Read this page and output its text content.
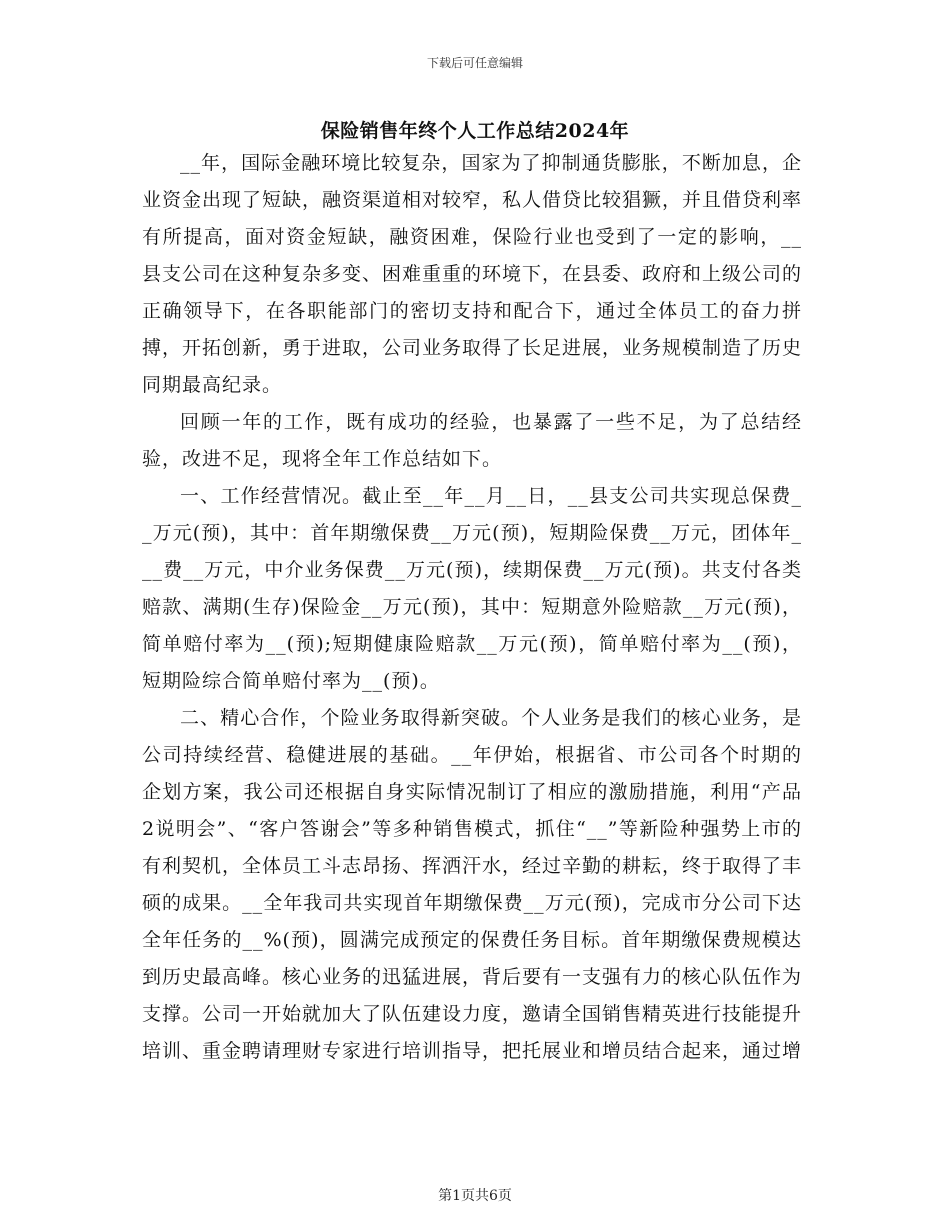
下载后可任意编辑
保险销售年终个人工作总结2024年

__年，国际金融环境比较复杂，国家为了抑制通货膨胀，不断加息，企业资金出现了短缺，融资渠道相对较窄，私人借贷比较猖獗，并且借贷利率有所提高，面对资金短缺，融资困难，保险行业也受到了一定的影响，__县支公司在这种复杂多变、困难重重的环境下，在县委、政府和上级公司的正确领导下，在各职能部门的密切支持和配合下，通过全体员工的奋力拼搏，开拓创新，勇于进取，公司业务取得了长足进展，业务规模制造了历史同期最高纪录。

回顾一年的工作，既有成功的经验，也暴露了一些不足，为了总结经验，改进不足，现将全年工作总结如下。

一、工作经营情况。截止至__年__月__日，__县支公司共实现总保费__万元(预)，其中：首年期缴保费__万元(预)，短期险保费__万元，团体年___费__万元，中介业务保费__万元(预)，续期保费__万元(预)。共支付各类赔款、满期(生存)保险金__万元(预)，其中：短期意外险赔款__万元(预)，简单赔付率为__(预);短期健康险赔款__万元(预)，简单赔付率为__(预)，短期险综合简单赔付率为__(预)。

二、精心合作，个险业务取得新突破。个人业务是我们的核心业务，是公司持续经营、稳健进展的基础。__年伊始，根据省、市公司各个时期的企划方案，我公司还根据自身实际情况制订了相应的激励措施，利用“产品2说明会”、“客户答谢会”等多种销售模式，抓住“__”等新险种强势上市的有利契机，全体员工斗志昂扬、挥洒汗水，经过辛勤的耕耘，终于取得了丰硕的成果。__全年我司共实现首年期缴保费__万元(预)，完成市分公司下达全年任务的__%(预)，圆满完成预定的保费任务目标。首年期缴保费规模达到历史最高峰。核心业务的迅猛进展，背后要有一支强有力的核心队伍作为支撑。公司一开始就加大了队伍建设力度，邀请全国销售精英进行技能提升培训、重金聘请理财专家进行培训指导，把托展业和增员结合起来，通过增

第1页共6页
